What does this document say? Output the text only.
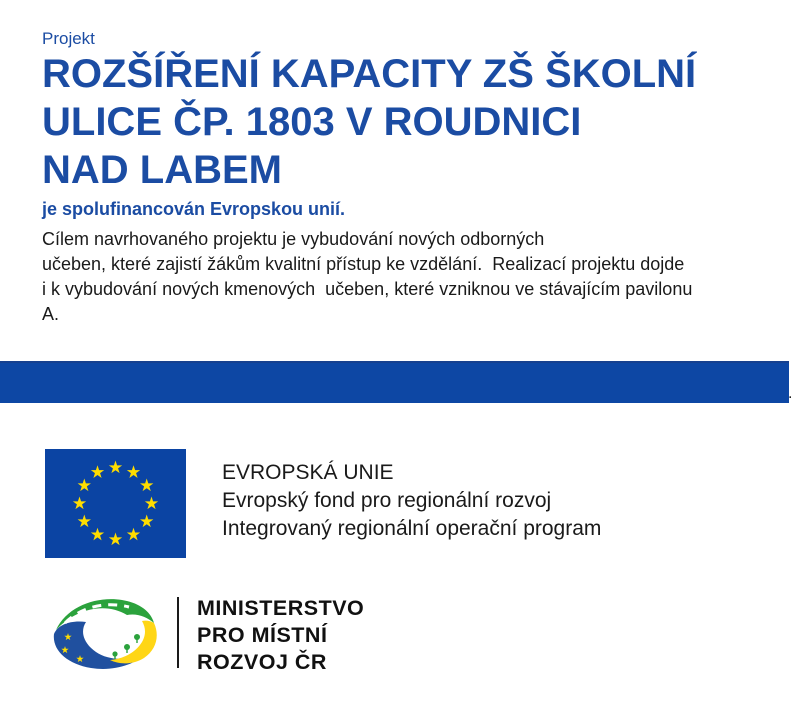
Projekt
ROZŠÍŘENÍ KAPACITY ZŠ ŠKOLNÍ
ULICE ČP. 1803 V ROUDNICI
NAD LABEM
je spolufinancován Evropskou unií.
Cílem navrhovaného projektu je vybudování nových odborných
učeben, které zajistí žákům kvalitní přístup ke vzdělání.  Realizací projektu dojde
i k vybudování nových kmenových  učeben, které vzniknou ve stávajícím pavilonu
A.
.
EVROPSKÁ UNIE
Evropský fond pro regionální rozvoj
Integrovaný regionální operační program
MINISTERSTVO
PRO MÍSTNÍ
ROZVOJ ČR
